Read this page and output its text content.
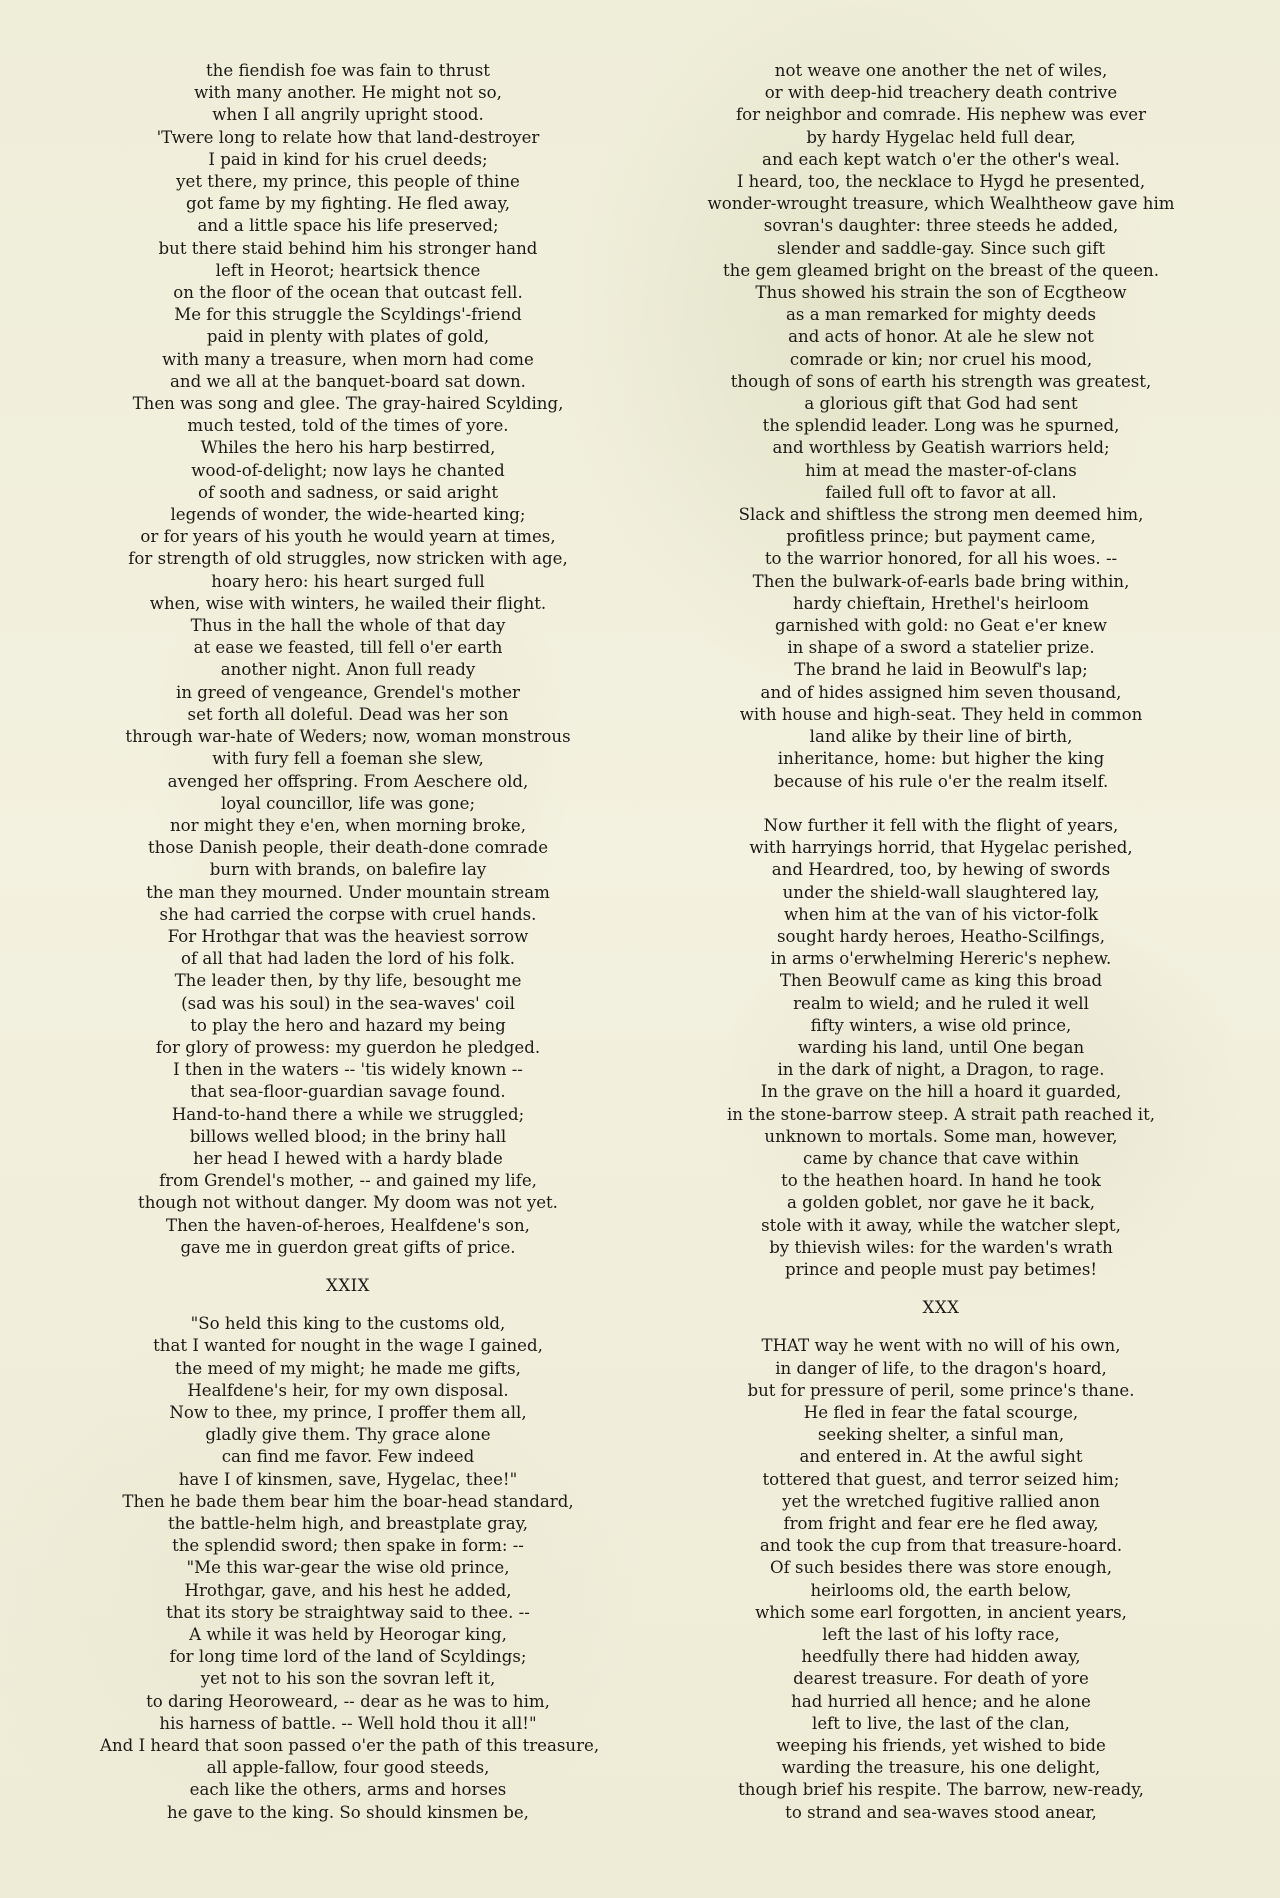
the fiendish foe was fain to thrust
with many another. He might not so,
when I all angrily upright stood.
'Twere long to relate how that land-destroyer
I paid in kind for his cruel deeds;
yet there, my prince, this people of thine
got fame by my fighting. He fled away,
and a little space his life preserved;
but there staid behind him his stronger hand
left in Heorot; heartsick thence
on the floor of the ocean that outcast fell.
Me for this struggle the Scyldings'-friend
paid in plenty with plates of gold,
with many a treasure, when morn had come
and we all at the banquet-board sat down.
Then was song and glee. The gray-haired Scylding,
much tested, told of the times of yore.
Whiles the hero his harp bestirred,
wood-of-delight; now lays he chanted
of sooth and sadness, or said aright
legends of wonder, the wide-hearted king;
or for years of his youth he would yearn at times,
for strength of old struggles, now stricken with age,
hoary hero: his heart surged full
when, wise with winters, he wailed their flight.
Thus in the hall the whole of that day
at ease we feasted, till fell o'er earth
another night. Anon full ready
in greed of vengeance, Grendel's mother
set forth all doleful. Dead was her son
through war-hate of Weders; now, woman monstrous
with fury fell a foeman she slew,
avenged her offspring. From Aeschere old,
loyal councillor, life was gone;
nor might they e'en, when morning broke,
those Danish people, their death-done comrade
burn with brands, on balefire lay
the man they mourned. Under mountain stream
she had carried the corpse with cruel hands.
For Hrothgar that was the heaviest sorrow
of all that had laden the lord of his folk.
The leader then, by thy life, besought me
(sad was his soul) in the sea-waves' coil
to play the hero and hazard my being
for glory of prowess: my guerdon he pledged.
I then in the waters -- 'tis widely known --
that sea-floor-guardian savage found.
Hand-to-hand there a while we struggled;
billows welled blood; in the briny hall
her head I hewed with a hardy blade
from Grendel's mother, -- and gained my life,
though not without danger. My doom was not yet.
Then the haven-of-heroes, Healfdene's son,
gave me in guerdon great gifts of price.
XXIX
"So held this king to the customs old,
that I wanted for nought in the wage I gained,
the meed of my might; he made me gifts,
Healfdene's heir, for my own disposal.
Now to thee, my prince, I proffer them all,
gladly give them. Thy grace alone
can find me favor. Few indeed
have I of kinsmen, save, Hygelac, thee!"
Then he bade them bear him the boar-head standard,
the battle-helm high, and breastplate gray,
the splendid sword; then spake in form: --
"Me this war-gear the wise old prince,
Hrothgar, gave, and his hest he added,
that its story be straightway said to thee. --
A while it was held by Heorogar king,
for long time lord of the land of Scyldings;
yet not to his son the sovran left it,
to daring Heoroweard, -- dear as he was to him,
his harness of battle. -- Well hold thou it all!"
And I heard that soon passed o'er the path of this treasure,
all apple-fallow, four good steeds,
each like the others, arms and horses
he gave to the king. So should kinsmen be,
not weave one another the net of wiles,
or with deep-hid treachery death contrive
for neighbor and comrade. His nephew was ever
by hardy Hygelac held full dear,
and each kept watch o'er the other's weal.
I heard, too, the necklace to Hygd he presented,
wonder-wrought treasure, which Wealhtheow gave him
sovran's daughter: three steeds he added,
slender and saddle-gay. Since such gift
the gem gleamed bright on the breast of the queen.
Thus showed his strain the son of Ecgtheow
as a man remarked for mighty deeds
and acts of honor. At ale he slew not
comrade or kin; nor cruel his mood,
though of sons of earth his strength was greatest,
a glorious gift that God had sent
the splendid leader. Long was he spurned,
and worthless by Geatish warriors held;
him at mead the master-of-clans
failed full oft to favor at all.
Slack and shiftless the strong men deemed him,
profitless prince; but payment came,
to the warrior honored, for all his woes. --
Then the bulwark-of-earls bade bring within,
hardy chieftain, Hrethel's heirloom
garnished with gold: no Geat e'er knew
in shape of a sword a statelier prize.
The brand he laid in Beowulf's lap;
and of hides assigned him seven thousand,
with house and high-seat. They held in common
land alike by their line of birth,
inheritance, home: but higher the king
because of his rule o'er the realm itself.
Now further it fell with the flight of years,
with harryings horrid, that Hygelac perished,
and Heardred, too, by hewing of swords
under the shield-wall slaughtered lay,
when him at the van of his victor-folk
sought hardy heroes, Heatho-Scilfings,
in arms o'erwhelming Hereric's nephew.
Then Beowulf came as king this broad
realm to wield; and he ruled it well
fifty winters, a wise old prince,
warding his land, until One began
in the dark of night, a Dragon, to rage.
In the grave on the hill a hoard it guarded,
in the stone-barrow steep. A strait path reached it,
unknown to mortals. Some man, however,
came by chance that cave within
to the heathen hoard. In hand he took
a golden goblet, nor gave he it back,
stole with it away, while the watcher slept,
by thievish wiles: for the warden's wrath
prince and people must pay betimes!
XXX
THAT way he went with no will of his own,
in danger of life, to the dragon's hoard,
but for pressure of peril, some prince's thane.
He fled in fear the fatal scourge,
seeking shelter, a sinful man,
and entered in. At the awful sight
tottered that guest, and terror seized him;
yet the wretched fugitive rallied anon
from fright and fear ere he fled away,
and took the cup from that treasure-hoard.
Of such besides there was store enough,
heirlooms old, the earth below,
which some earl forgotten, in ancient years,
left the last of his lofty race,
heedfully there had hidden away,
dearest treasure. For death of yore
had hurried all hence; and he alone
left to live, the last of the clan,
weeping his friends, yet wished to bide
warding the treasure, his one delight,
though brief his respite. The barrow, new-ready,
to strand and sea-waves stood anear,
